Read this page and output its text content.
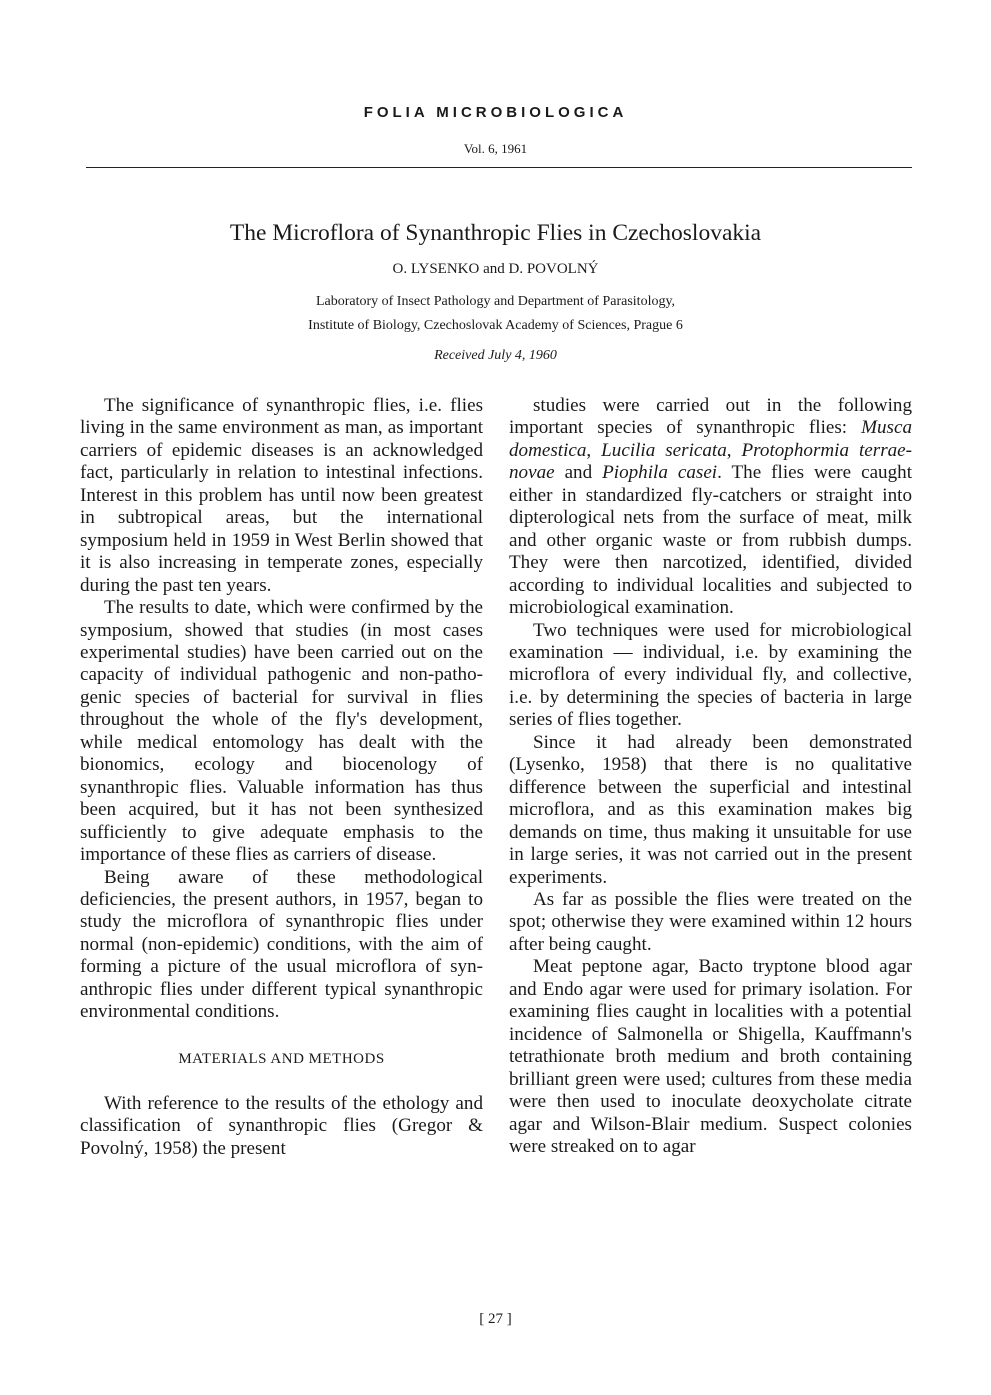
FOLIA MICROBIOLOGICA

Vol. 6, 1961

The Microflora of Synanthropic Flies in Czechoslovakia

O. LYSENKO and D. POVOLNÝ

Laboratory of Insect Pathology and Department of Parasitology,

Institute of Biology, Czechoslovak Academy of Sciences, Prague 6

Received July 4, 1960

The significance of synanthropic flies, i.e. flies living in the same environment as man, as important carriers of epidemic diseases is an acknowledged fact, particularly in relation to intestinal infections. Interest in this problem has until now been greatest in subtropical areas, but the international symposium held in 1959 in West Berlin showed that it is also increasing in temperate zones, especially during the past ten years.

The results to date, which were confirmed by the symposium, showed that studies (in most cases experimental studies) have been carried out on the capacity of individual pathogenic and non-pathogenic species of bacterial for survival in flies throughout the whole of the fly's development, while medical entomology has dealt with the bionomics, ecology and biocenology of synanthropic flies. Valuable information has thus been acquired, but it has not been synthesized sufficiently to give adequate emphasis to the importance of these flies as carriers of disease.

Being aware of these methodological deficiencies, the present authors, in 1957, began to study the microflora of synanthropic flies under normal (non-epidemic) conditions, with the aim of forming a picture of the usual microflora of synanthropic flies under different typical synanthropic environmental conditions.

MATERIALS AND METHODS

With reference to the results of the ethology and classification of synanthropic flies (Gregor & Povolný, 1958) the present

studies were carried out in the following important species of synanthropic flies: Musca domestica, Lucilia sericata, Protophormia terrae-novae and Piophila casei. The flies were caught either in standardized fly-catchers or straight into dipterological nets from the surface of meat, milk and other organic waste or from rubbish dumps. They were then narcotized, identified, divided according to individual localities and subjected to microbiological examination.

Two techniques were used for microbiological examination — individual, i.e. by examining the microflora of every individual fly, and collective, i.e. by determining the species of bacteria in large series of flies together.

Since it had already been demonstrated (Lysenko, 1958) that there is no qualitative difference between the superficial and intestinal microflora, and as this examination makes big demands on time, thus making it unsuitable for use in large series, it was not carried out in the present experiments.

As far as possible the flies were treated on the spot; otherwise they were examined within 12 hours after being caught.

Meat peptone agar, Bacto tryptone blood agar and Endo agar were used for primary isolation. For examining flies caught in localities with a potential incidence of Salmonella or Shigella, Kauffmann's tetrathionate broth medium and broth containing brilliant green were used; cultures from these media were then used to inoculate deoxycholate citrate agar and Wilson-Blair medium. Suspect colonies were streaked on to agar

[ 27 ]
